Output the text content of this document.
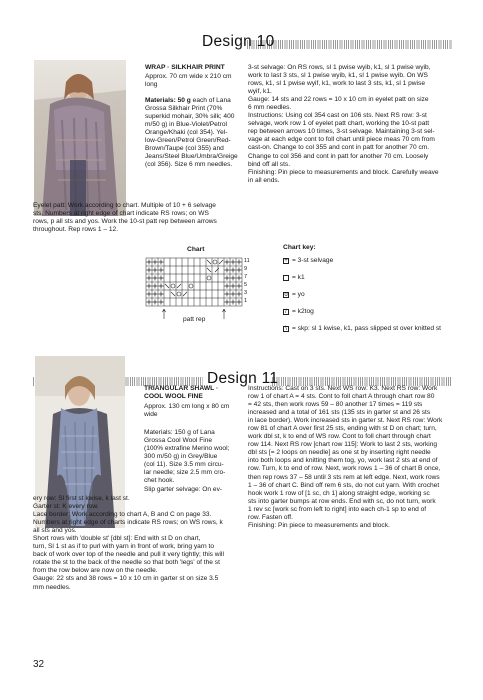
Design 10
WRAP · SILKHAIR PRINT
Approx. 70 cm wide x 210 cm
long
Materials: 50 g each of Lana
Grossa Silkhair Print (70%
superkid mohair, 30% silk; 400
m/50 g) in Blue-Violet/Petrol
Orange/Khaki (col 354). Yel-
low-Green/Petrol Green/Red-
Brown/Taupe (col 355) and
Jeans/Steel Blue/Umbra/Greige
(col 356). Size 6 mm needles.
Eyelet patt: Work according to chart. Multiple of 10 + 6 selvage
sts. Numbers at right edge of chart indicate RS rows; on WS
rows, p all sts and yos. Work the 10-st patt rep between arrows
throughout. Rep rows 1 – 12.
3-st selvage: On RS rows, sl 1 pwise wyib, k1, sl 1 pwise wyib,
work to last 3 sts, sl 1 pwise wyib, k1, sl 1 pwise wyib. On WS
rows, k1, sl 1 pwise wyif, k1, work to last 3 sts, k1, sl 1 pwise
wyif, k1.
Gauge: 14 sts and 22 rows = 10 x 10 cm in eyelet patt on size
6 mm needles.
Instructions: Using col 354 cast on 106 sts. Next RS row: 3-st
selvage, work row 1 of eyelet patt chart, working the 10-st patt
rep between arrows 10 times, 3-st selvage. Maintaining 3-st sel-
vage at each edge cont to foll chart until piece meas 70 cm from
cast-on. Change to col 355 and cont in patt for another 70 cm.
Change to col 356 and cont in patt for another 70 cm. Loosely
bind off all sts.
Finishing: Pin piece to measurements and block. Carefully weave
in all ends.
Chart
11
9
7
5
3
1
patt rep
Chart key:
+ = 3-st selvage
= k1
o = yo
/ = k2tog
\ = skp: sl 1 kwise, k1, pass slipped st over knitted st
Design 11
TRIANGULAR SHAWL ·
COOL WOOL FINE
Approx. 130 cm long x 80 cm
wide
Materials: 150 g of Lana
Grossa Cool Wool Fine
(100% extrafine Merino wool;
300 m/50 g) in Grey/Blue
(col 11). Size 3.5 mm circu-
lar needle; size 2.5 mm cro-
chet hook.
Slip garter selvage: On ev-
ery row: Sl first st kwise, k last st.
Garter st: K every row.
Lace border: Work according to chart A, B and C on page 33.
Numbers at right edge of charts indicate RS rows; on WS rows, k
all sts and yos.
Short rows with 'double st' [dbl st]: End with st D on chart,
turn, Sl 1 st as if to purl with yarn in front of work, bring yarn to
back of work over top of the needle and pull it very tightly; this will
rotate the st to the back of the needle so that both 'legs' of the st
from the row below are now on the needle.
Gauge: 22 sts and 38 rows = 10 x 10 cm in garter st on size 3.5
mm needles.
Instructions: Cast on 3 sts. Next WS row: K3. Next RS row: Work
row 1 of chart A = 4 sts. Cont to foll chart A through chart row 80
= 42 sts, then work rows 59 – 80 another 17 times = 119 sts
increased and a total of 161 sts (135 sts in garter st and 26 sts
in lace border). Work increased sts in garter st. Next RS row: Work
row 81 of chart A over first 25 sts, ending with st D on chart; turn,
work dbl st, k to end of WS row. Cont to foll chart through chart
row 114. Next RS row [chart row 115]: Work to last 2 sts, working
dbl sts [= 2 loops on needle] as one st by inserting right needle
into both loops and knitting them tog, yo, work last 2 sts at end of
row. Turn, k to end of row. Next, work rows 1 – 36 of chart B once,
then rep rows 37 – 58 until 3 sts rem at left edge. Next, work rows
1 – 36 of chart C. Bind off rem 6 sts, do not cut yarn. With crochet
hook work 1 row of [1 sc, ch 1] along straight edge, working sc
sts into garter bumps at row ends. End with sc, do not turn, work
1 rev sc [work sc from left to right] into each ch-1 sp to end of
row. Fasten off.
Finishing: Pin piece to measurements and block.
32
